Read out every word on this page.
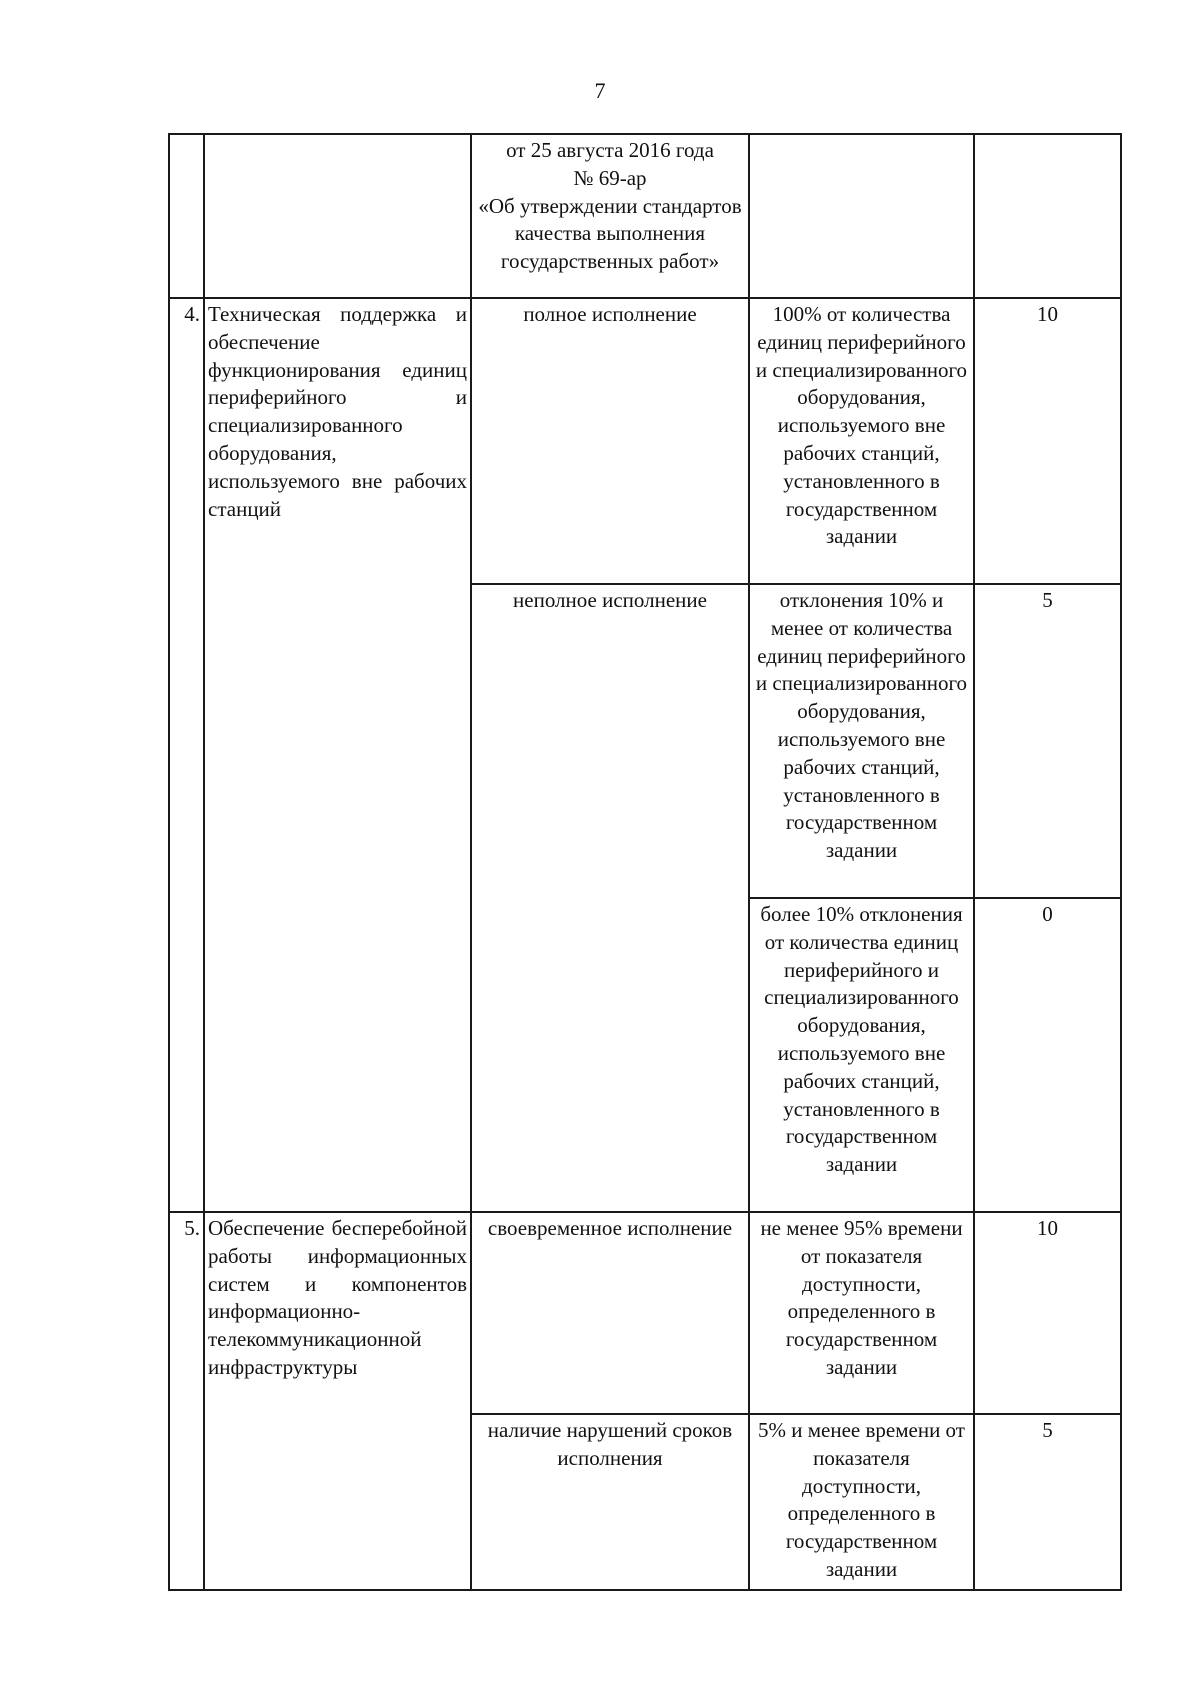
7
		от 25 августа 2016 года
№ 69-ар
«Об утверждении стандартов качества выполнения государственных работ»		
4.	Техническая поддержка и обеспечение функционирования единиц периферийного и специализированного оборудования, используемого вне рабочих станций	полное исполнение	100% от количества единиц периферийного и специализированного оборудования, используемого вне рабочих станций, установленного в государственном задании	10
		неполное исполнение	отклонения 10% и менее от количества единиц периферийного и специализированного оборудования, используемого вне рабочих станций, установленного в государственном задании	5
			более 10% отклонения от количества единиц периферийного и специализированного оборудования, используемого вне рабочих станций, установленного в государственном задании	0
5.	Обеспечение бесперебойной работы информационных систем и компонентов информационно-телекоммуникационной инфраструктуры	своевременное исполнение	не менее 95% времени от показателя доступности, определенного в государственном задании	10
		наличие нарушений сроков исполнения	5% и менее времени от показателя доступности, определенного в государственном задании	5
